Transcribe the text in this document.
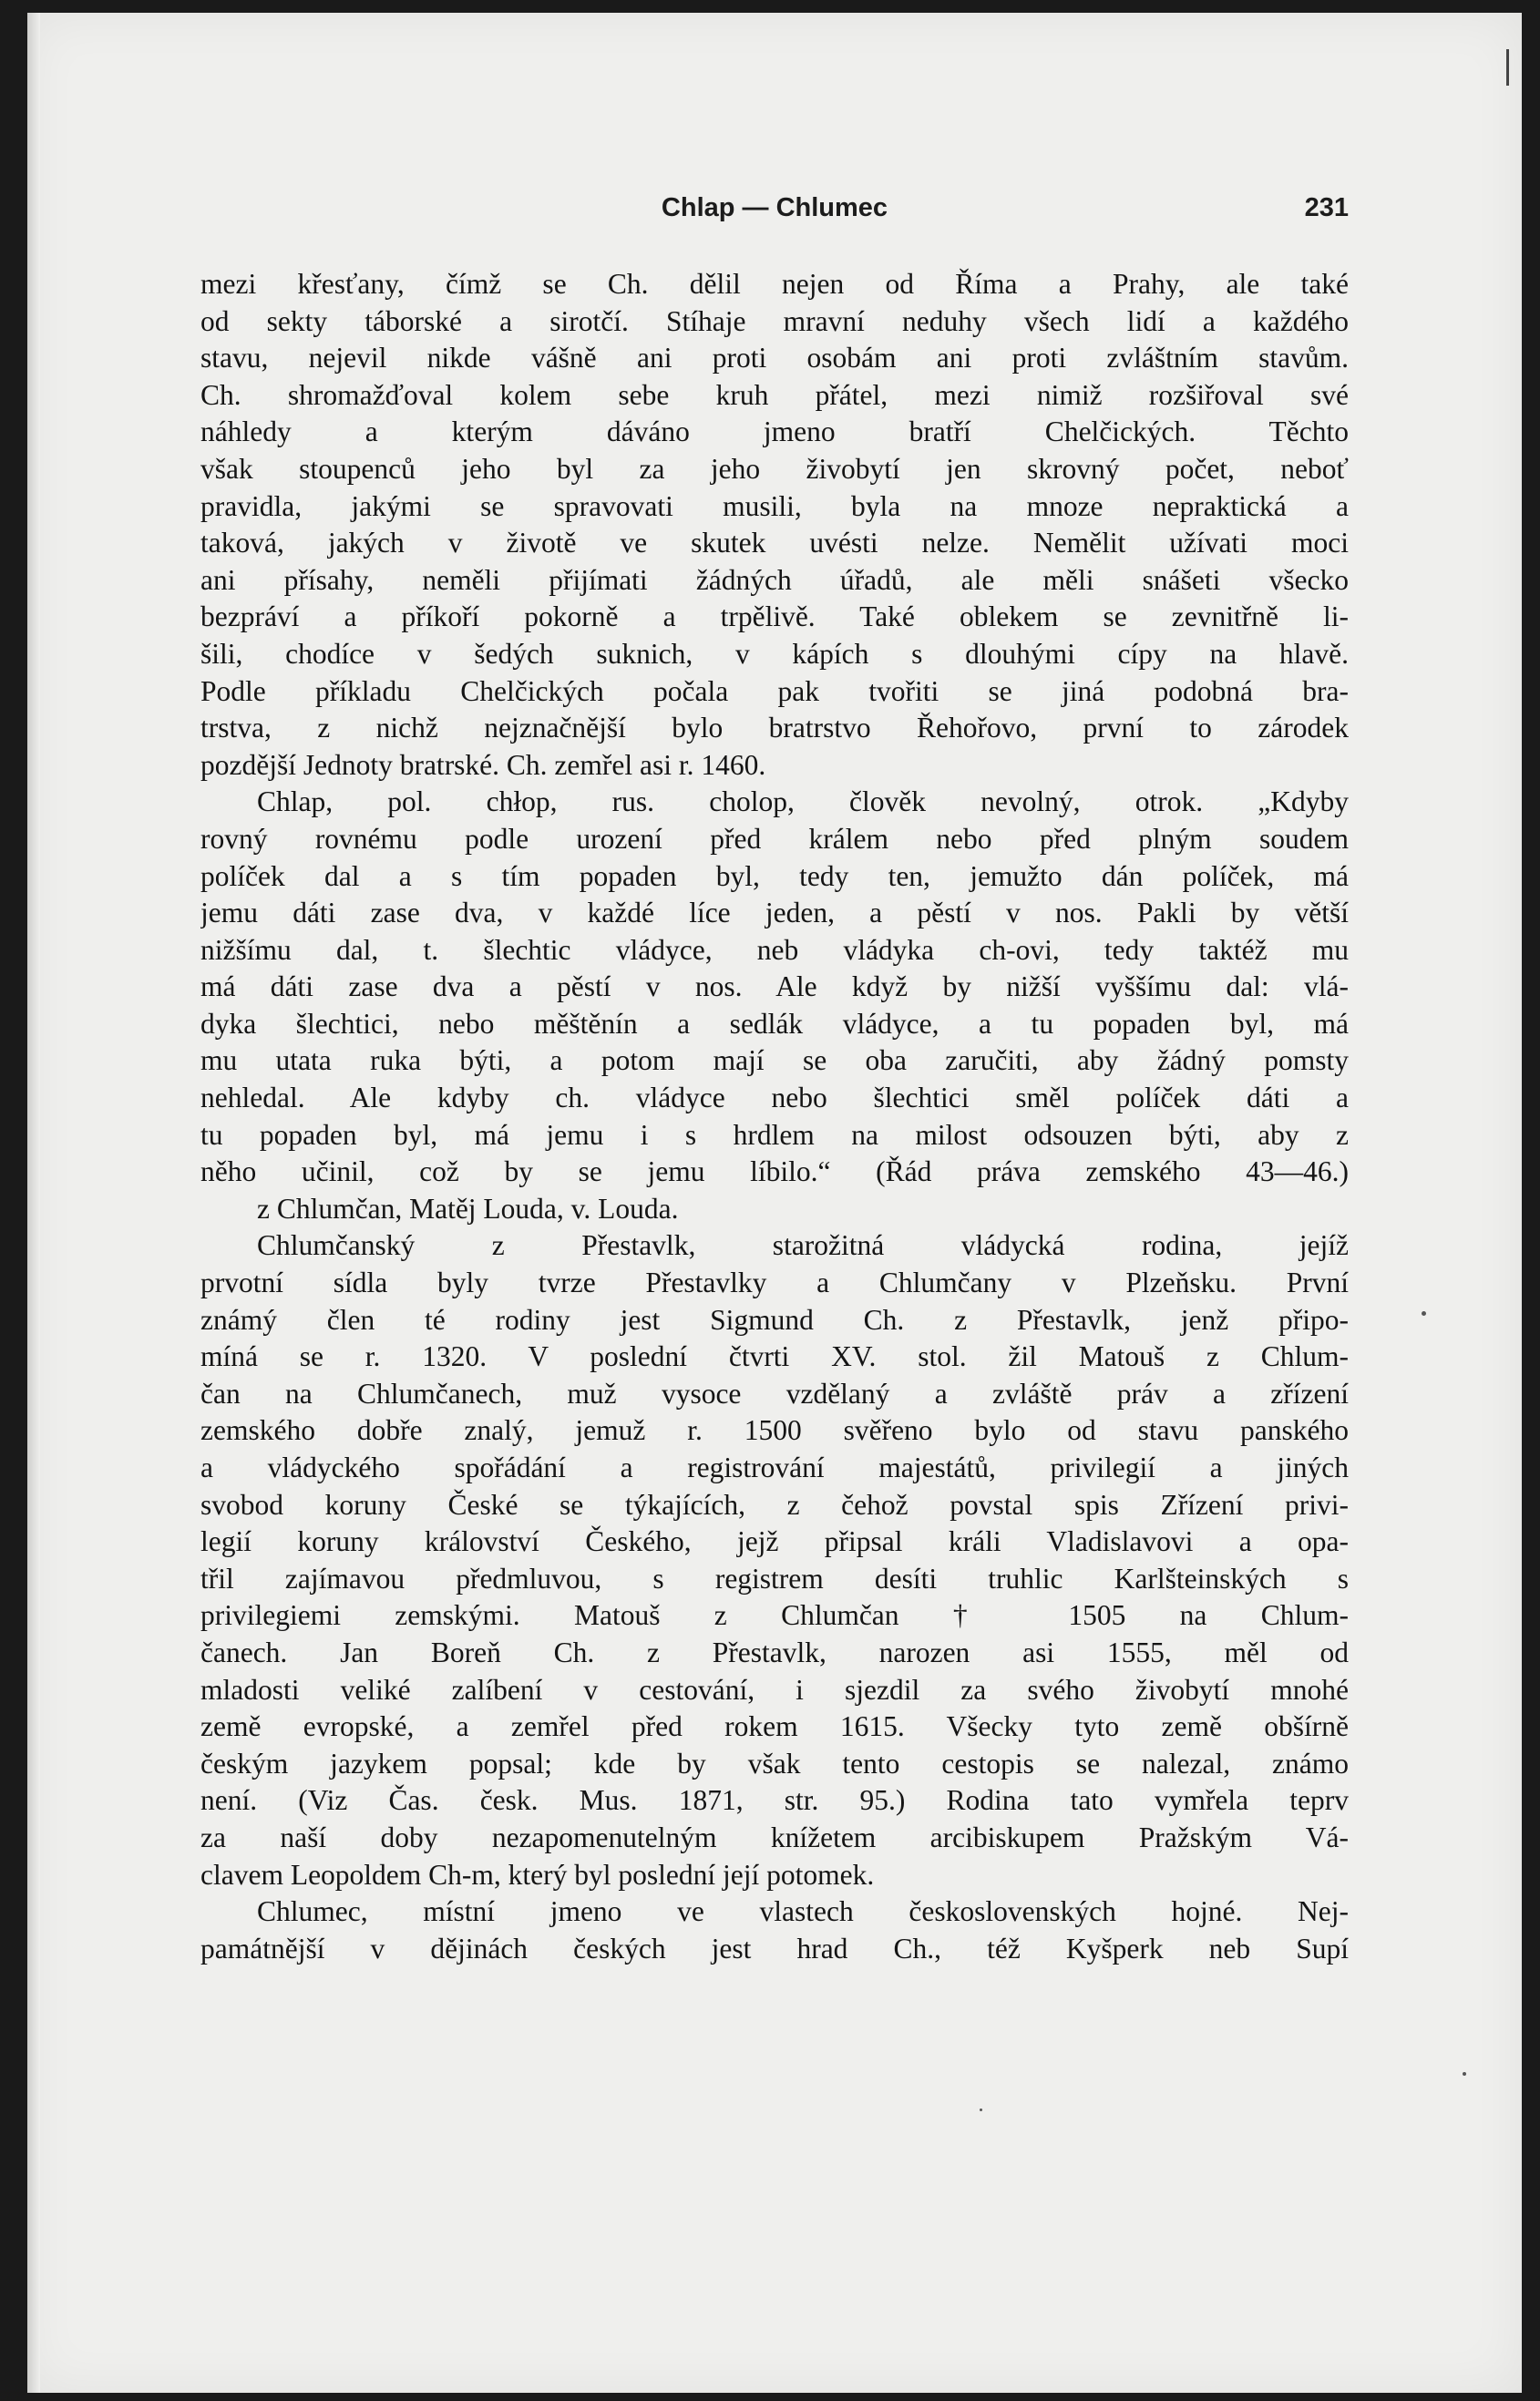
Chlap — Chlumec	231
mezi křesťany, čímž se Ch. dělil nejen od Říma a Prahy, ale také
od sekty táborské a sirotčí. Stíhaje mravní neduhy všech lidí a každého
stavu, nejevil nikde vášně ani proti osobám ani proti zvláštním stavům.
Ch. shromažďoval kolem sebe kruh přátel, mezi nimiž rozšiřoval své
náhledy a kterým dáváno jmeno bratří Chelčických. Těchto
však stoupenců jeho byl za jeho živobytí jen skrovný počet, neboť
pravidla, jakými se spravovati musili, byla na mnoze nepraktická a
taková, jakých v životě ve skutek uvésti nelze. Nemělit užívati moci
ani přísahy, neměli přijímati žádných úřadů, ale měli snášeti všecko
bezpráví a příkoří pokorně a trpělivě. Také oblekem se zevnitřně li-
šili, chodíce v šedých suknich, v kápích s dlouhými cípy na hlavě.
Podle příkladu Chelčických počala pak tvořiti se jiná podobná bra-
trstva, z nichž nejznačnější bylo bratrstvo Řehořovo, první to zárodek
pozdější Jednoty bratrské. Ch. zemřel asi r. 1460.
Chlap, pol. chłop, rus. cholop, člověk nevolný, otrok. „Kdyby
rovný rovnému podle urození před králem nebo před plným soudem
políček dal a s tím popaden byl, tedy ten, jemužto dán políček, má
jemu dáti zase dva, v každé líce jeden, a pěstí v nos. Pakli by větší
nižšímu dal, t. šlechtic vládyce, neb vládyka ch-ovi, tedy taktéž mu
má dáti zase dva a pěstí v nos. Ale když by nižší vyššímu dal: vlá-
dyka šlechtici, nebo měštěnín a sedlák vládyce, a tu popaden byl, má
mu utata ruka býti, a potom mají se oba zaručiti, aby žádný pomsty
nehledal. Ale kdyby ch. vládyce nebo šlechtici směl políček dáti a
tu popaden byl, má jemu i s hrdlem na milost odsouzen býti, aby z
něho učinil, což by se jemu líbilo.“ (Řád práva zemského 43—46.)
z Chlumčan, Matěj Louda, v. Louda.
Chlumčanský z Přestavlk, starožitná vládycká rodina, jejíž
prvotní sídla byly tvrze Přestavlky a Chlumčany v Plzeňsku. První
známý člen té rodiny jest Sigmund Ch. z Přestavlk, jenž připo-
míná se r. 1320. V poslední čtvrti XV. stol. žil Matouš z Chlum-
čan na Chlumčanech, muž vysoce vzdělaný a zvláště práv a zřízení
zemského dobře znalý, jemuž r. 1500 svěřeno bylo od stavu panského
a vládyckého spořádání a registrování majestátů, privilegií a jiných
svobod koruny České se týkajících, z čehož povstal spis Zřízení privi-
legií koruny království Českého, jejž připsal králi Vladislavovi a opa-
třil zajímavou předmluvou, s registrem desíti truhlic Karlšteinských s
privilegiemi zemskými. Matouš z Chlumčan † 1505 na Chlum-
čanech. Jan Boreň Ch. z Přestavlk, narozen asi 1555, měl od
mladosti veliké zalíbení v cestování, i sjezdil za svého živobytí mnohé
země evropské, a zemřel před rokem 1615. Všecky tyto země obšírně
českým jazykem popsal; kde by však tento cestopis se nalezal, známo
není. (Viz Čas. česk. Mus. 1871, str. 95.) Rodina tato vymřela teprv
za naší doby nezapomenutelným knížetem arcibiskupem Pražským Vá-
clavem Leopoldem Ch-m, který byl poslední její potomek.
Chlumec, místní jmeno ve vlastech československých hojné. Nej-
památnější v dějinách českých jest hrad Ch., též Kyšperk neb Supí
